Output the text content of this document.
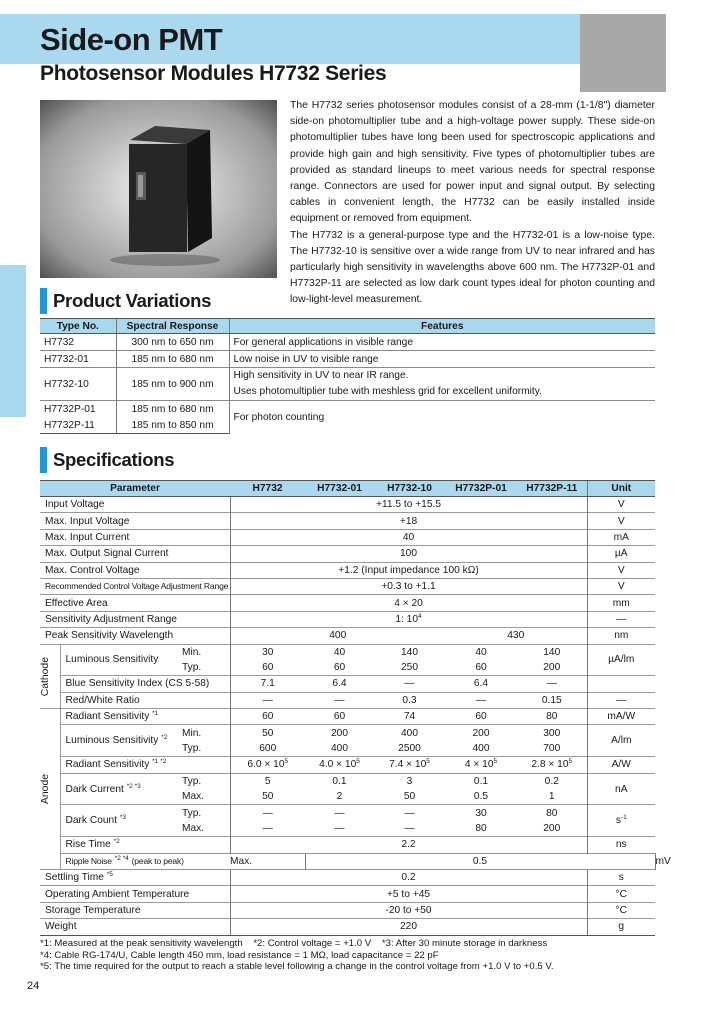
Side-on PMT
Photosensor Modules H7732 Series

The H7732 series photosensor modules consist of a 28-mm (1-1/8") diameter side-on photomultiplier tube and a high-voltage power supply. These side-on photomultiplier tubes have long been used for spectroscopic applications and provide high gain and high sensitivity. Five types of photomultiplier tubes are provided as standard lineups to meet various needs for spectral response range. Connectors are used for power input and signal output. By selecting cables in convenient length, the H7732 can be easily installed inside equipment or removed from equipment.

The H7732 is a general-purpose type and the H7732-01 is a low-noise type. The H7732-10 is sensitive over a wide range from UV to near infrared and has particularly high sensitivity in wavelengths above 600 nm. The H7732P-01 and H7732P-11 are selected as low dark count types ideal for photon counting and low-light-level measurement.

Product Variations
Type No.	Spectral Response	Features
H7732	300 nm to 650 nm	For general applications in visible range
H7732-01	185 nm to 680 nm	Low noise in UV to visible range
H7732-10	185 nm to 900 nm	High sensitivity in UV to near IR range.
Uses photomultiplier tube with meshless grid for excellent uniformity.

H7732P-01	185 nm to 680 nm	For photon counting
H7732P-11	185 nm to 850 nm	
Specifications
Parameter			H7732	H7732-01	H7732-10	H7732P-01	H7732P-11	Unit	
Input Voltage			+11.5 to +15.5					V	
Max. Input Voltage			+18					V	
Max. Input Current			40					mA	
Max. Output Signal Current			100					µA	
Max. Control Voltage			+1.2 (Input impedance 100 kΩ)					V	
Recommended Control Voltage Adjustment Range			+0.3 to +1.1					V	
Effective Area			4 × 20					mm	
Sensitivity Adjustment Range			1: $10^4$					—	
Peak Sensitivity Wavelength			400			430		nm	

Cathode	Luminous Sensitivity	Min.	30	40	140	40	140	µA/lm	
		Typ.	60	60	250	60	200		
	Blue Sensitivity Index (CS 5-58)		7.1	6.4	—	6.4	—		
	Red/White Ratio		—	—	0.3	—	0.15	—	

Anode	Radiant Sensitivity $^{*1}$		60	60	74	60	80	mA/W	
	Luminous Sensitivity $^{*2}$	Min.	50	200	400	200	300	A/lm	
		Typ.	600	400	2500	400	700		
	Radiant Sensitivity $^{*1 *2}$		$6.0 \times 10^5$	$4.0 \times 10^5$	$7.4 \times 10^5$	$4 \times 10^5$	$2.8 \times 10^5$	A/W	
	Dark Current $^{*2 *3}$	Typ.	5	0.1	3	0.1	0.2	nA	
		Max.	50	2	50	0.5	1		
	Dark Count $^{*3}$	Typ.	—	—	—	30	80	$s^{-1}$
		Max.	—	—	—	80	200		
	Rise Time $^{*2}$		2.2					ns	
	Ripple Noise $^{*2 *4}$ (peak to peak)		Max.	0.5					mV
Settling Time $^{*5}$			0.2					s	
Operating Ambient Temperature			+5 to +45					°C	
Storage Temperature			-20 to +50					°C	
Weight			220					g	
*1: Measured at the peak sensitivity wavelength *2: Control voltage = +1.0 V *3: After 30 minute storage in darkness
*4: Cable RG-174/U, Cable length 450 mm, load resistance = 1 MΩ, load capacitance = 22 pF
*5: The time required for the output to reach a stable level following a change in the control voltage from +1.0 V to +0.5 V.
24
